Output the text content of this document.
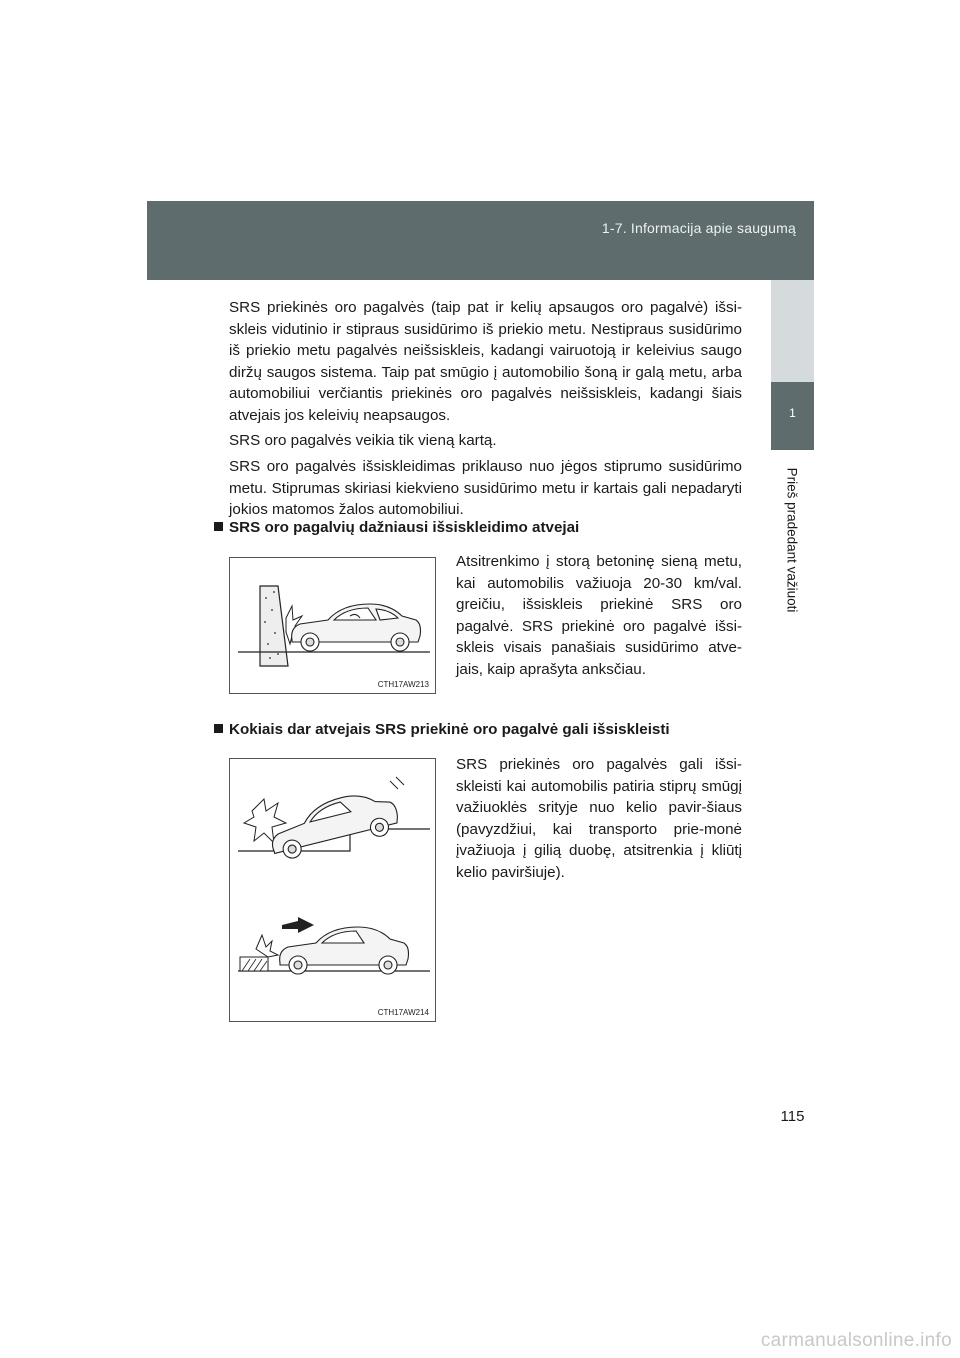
1-7. Informacija apie saugumą
1
Prieš pradedant važiuoti
SRS priekinės oro pagalvės (taip pat ir kelių apsaugos oro pagalvė) išsi-skleis vidutinio ir stipraus susidūrimo iš priekio metu. Nestipraus susidūrimo iš priekio metu pagalvės neišsiskleis, kadangi vairuotoją ir keleivius saugo diržų saugos sistema. Taip pat smūgio į automobilio šoną ir galą metu, arba automobiliui verčiantis priekinės oro pagalvės neišsiskleis, kadangi šiais atvejais jos keleivių neapsaugos.
SRS oro pagalvės veikia tik vieną kartą.
SRS oro pagalvės išsiskleidimas priklauso nuo jėgos stiprumo susidūrimo metu. Stiprumas skiriasi kiekvieno susidūrimo metu ir kartais gali nepadaryti jokios matomos žalos automobiliui.
SRS oro pagalvių dažniausi išsiskleidimo atvejai
CTH17AW213
Atsitrenkimo į storą betoninę sieną metu, kai automobilis važiuoja 20-30 km/val. greičiu, išsiskleis priekinė SRS oro pagalvė. SRS priekinė oro pagalvė išsi-skleis visais panašiais susidūrimo atve-jais, kaip aprašyta anksčiau.
Kokiais dar atvejais SRS priekinė oro pagalvė gali išsiskleisti
CTH17AW214
SRS priekinės oro pagalvės gali išsi-skleisti kai automobilis patiria stiprų smūgį važiuoklės srityje nuo kelio pavir-šiaus (pavyzdžiui, kai transporto prie-monė įvažiuoja į gilią duobę, atsitrenkia į kliūtį kelio paviršiuje).
115
carmanualsonline.info
